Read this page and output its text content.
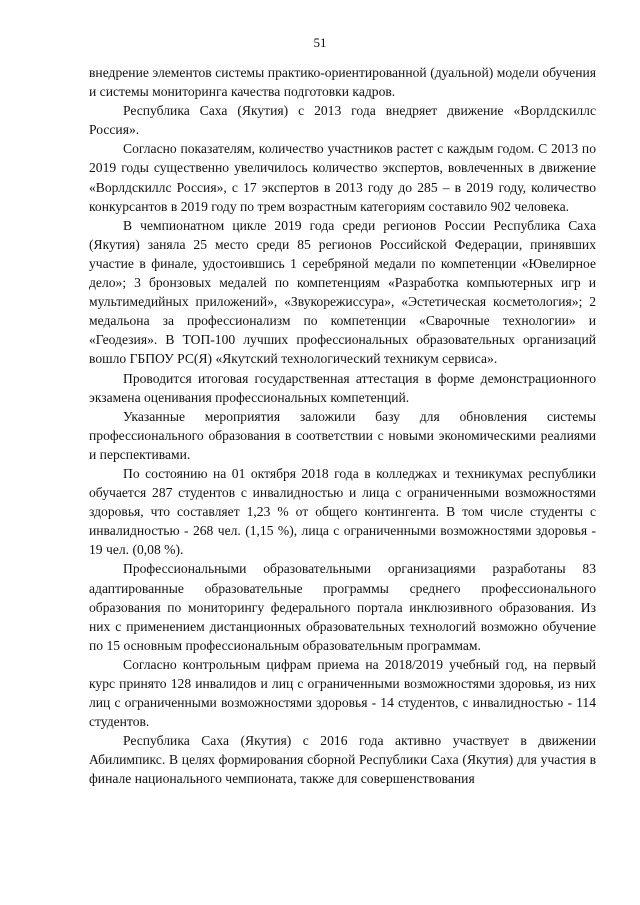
51

внедрение элементов системы практико-ориентированной (дуальной) модели обучения и системы мониторинга качества подготовки кадров.

Республика Саха (Якутия) с 2013 года внедряет движение «Ворлдскиллс Россия».

Согласно показателям, количество участников растет с каждым годом. С 2013 по 2019 годы существенно увеличилось количество экспертов, вовлеченных в движение «Ворлдскиллс Россия», с 17 экспертов в 2013 году до 285 – в 2019 году, количество конкурсантов в 2019 году по трем возрастным категориям составило 902 человека.

В чемпионатном цикле 2019 года среди регионов России Республика Саха (Якутия) заняла 25 место среди 85 регионов Российской Федерации, принявших участие в финале, удостоившись 1 серебряной медали по компетенции «Ювелирное дело»; 3 бронзовых медалей по компетенциям «Разработка компьютерных игр и мультимедийных приложений», «Звукорежиссура», «Эстетическая косметология»; 2 медальона за профессионализм по компетенции «Сварочные технологии» и «Геодезия». В ТОП-100 лучших профессиональных образовательных организаций вошло ГБПОУ РС(Я) «Якутский технологический техникум сервиса».

Проводится итоговая государственная аттестация в форме демонстрационного экзамена оценивания профессиональных компетенций.

Указанные мероприятия заложили базу для обновления системы профессионального образования в соответствии с новыми экономическими реалиями и перспективами.

По состоянию на 01 октября 2018 года в колледжах и техникумах республики обучается 287 студентов с инвалидностью и лица с ограниченными возможностями здоровья, что составляет 1,23 % от общего контингента. В том числе студенты с инвалидностью - 268 чел. (1,15 %), лица с ограниченными возможностями здоровья - 19 чел. (0,08 %).

Профессиональными образовательными организациями разработаны 83 адаптированные образовательные программы среднего профессионального образования по мониторингу федерального портала инклюзивного образования. Из них с применением дистанционных образовательных технологий возможно обучение по 15 основным профессиональным образовательным программам.

Согласно контрольным цифрам приема на 2018/2019 учебный год, на первый курс принято 128 инвалидов и лиц с ограниченными возможностями здоровья, из них лиц с ограниченными возможностями здоровья - 14 студентов, с инвалидностью - 114 студентов.

Республика Саха (Якутия) с 2016 года активно участвует в движении Абилимпикс. В целях формирования сборной Республики Саха (Якутия) для участия в финале национального чемпионата, также для совершенствования
